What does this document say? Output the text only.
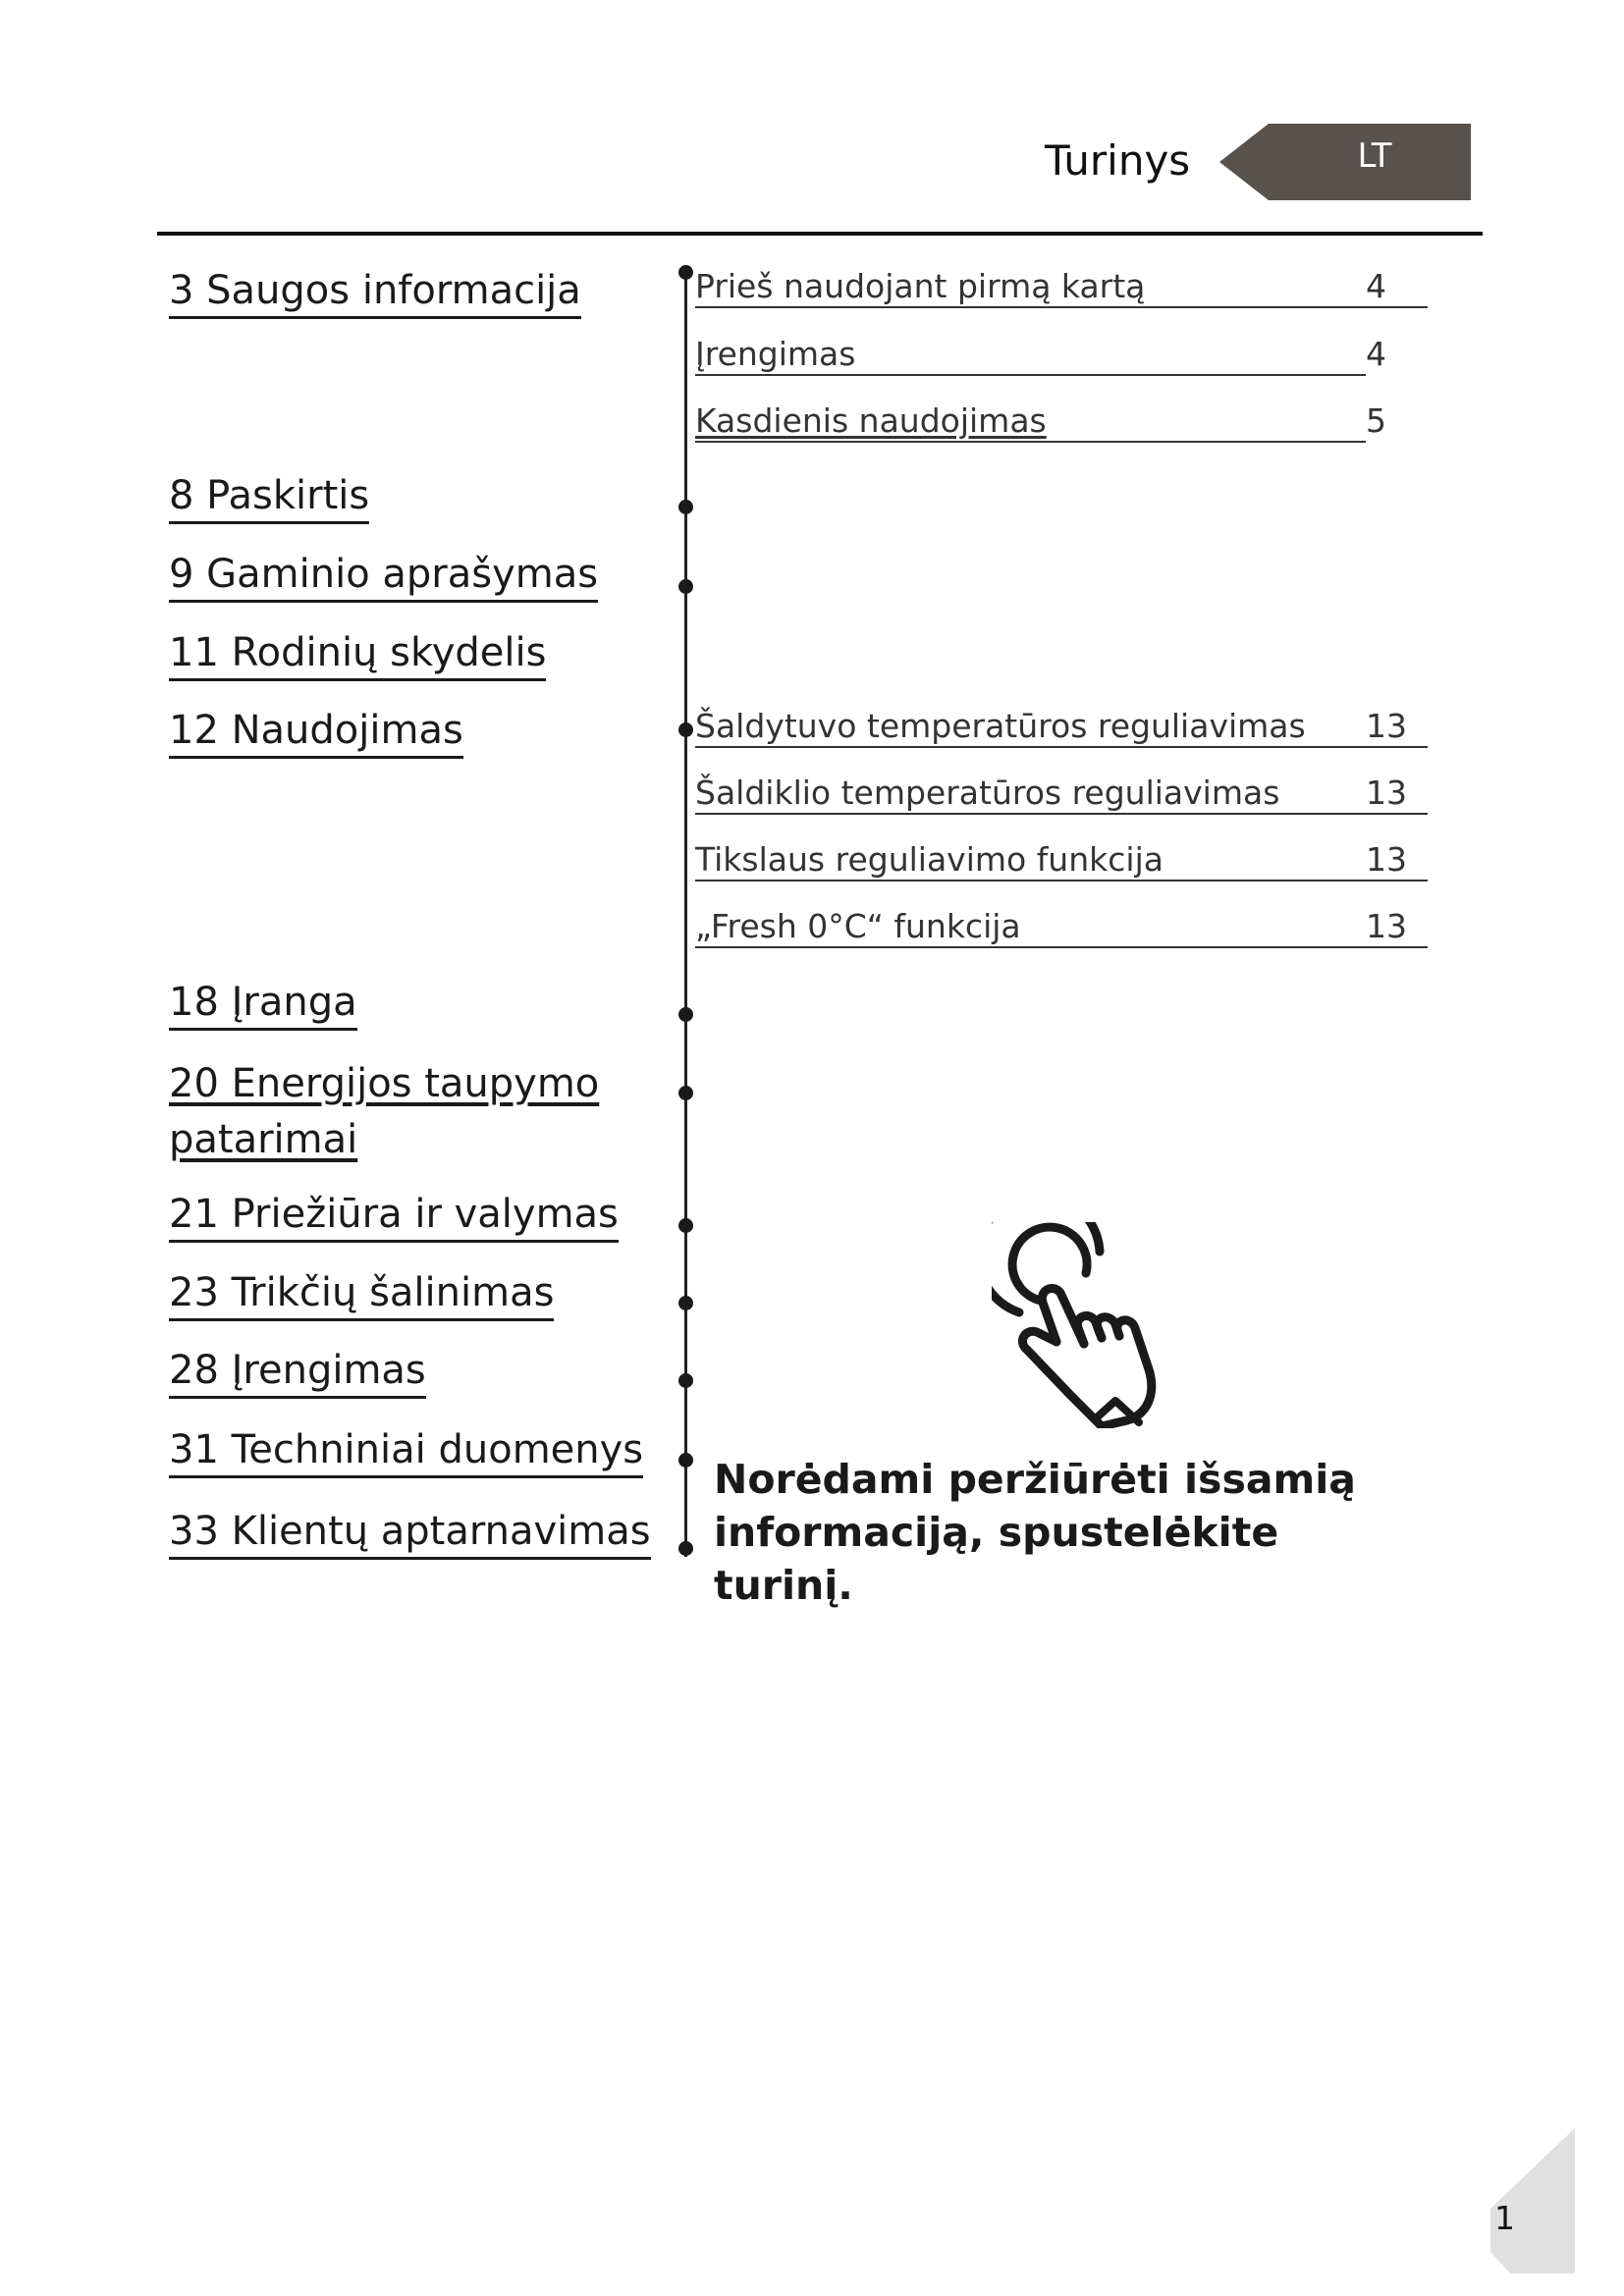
Turinys	LT
3 Saugos informacija
8 Paskirtis
9 Gaminio aprašymas
11 Rodinių skydelis
12 Naudojimas
18 Įranga
20 Energijos taupymo patarimai
21 Priežiūra ir valymas
23 Trikčių šalinimas
28 Įrengimas
31 Techniniai duomenys
33 Klientų aptarnavimas
Prieš naudojant pirmą kartą	4
Įrengimas	4
Kasdienis naudojimas	5
Šaldytuvo temperatūros reguliavimas 13
Šaldiklio temperatūros reguliavimas	13
Tikslaus reguliavimo funkcija	13
„Fresh 0°C“ funkcija	13
Norėdami peržiūrėti išsamią informaciją, spustelėkite turinį.
1
